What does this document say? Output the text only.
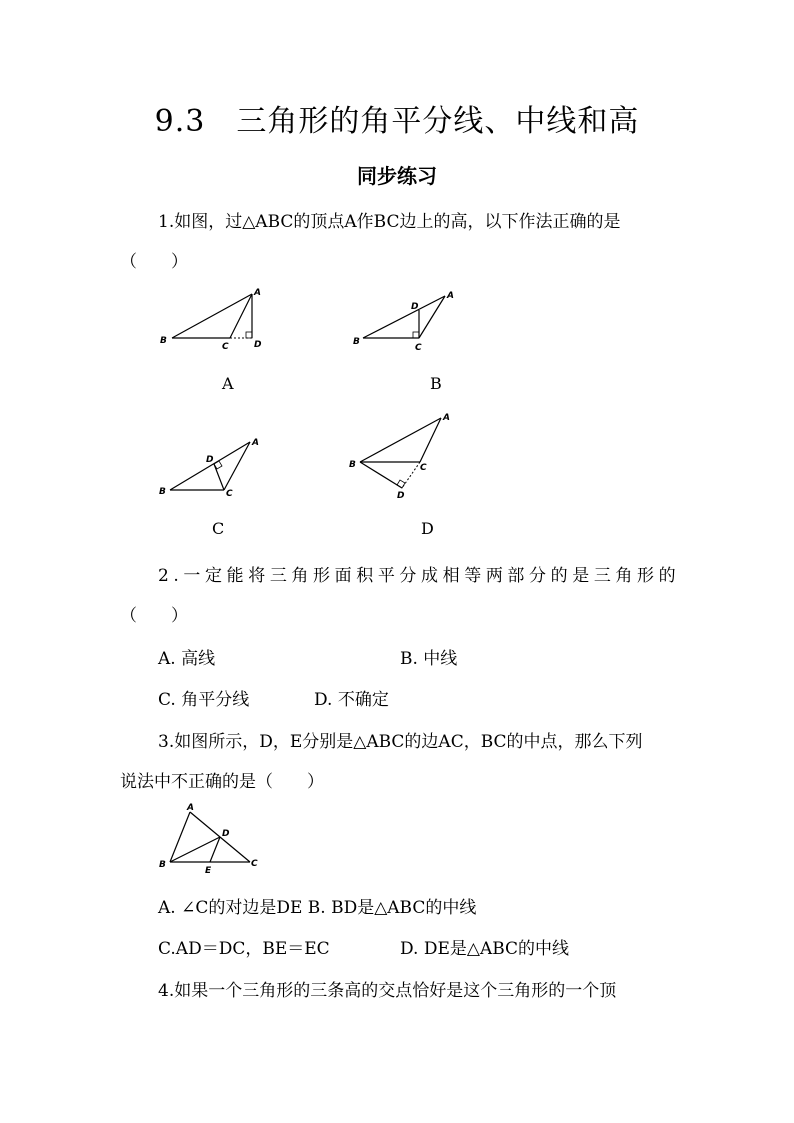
9.3　三角形的角平分线、中线和高
同步练习
1.如图，过△ABC的顶点A作BC边上的高，以下作法正确的是
（　　）
A
B
C	D
A
A
B
C
D
B
A
B	C
D
C
A
B	C
D
D
2.一定能将三角形面积平分成相等两部分的是三角形的
（　　）
A. 高线	B. 中线
C. 角平分线	D. 不确定
3.如图所示，D，E分别是△ABC的边AC，BC的中点，那么下列
说法中不正确的是（　　）
A
B	C
D
E
A. ∠C的对边是DE B. BD是△ABC的中线
C.AD＝DC，BE＝EC	D. DE是△ABC的中线
4.如果一个三角形的三条高的交点恰好是这个三角形的一个顶
